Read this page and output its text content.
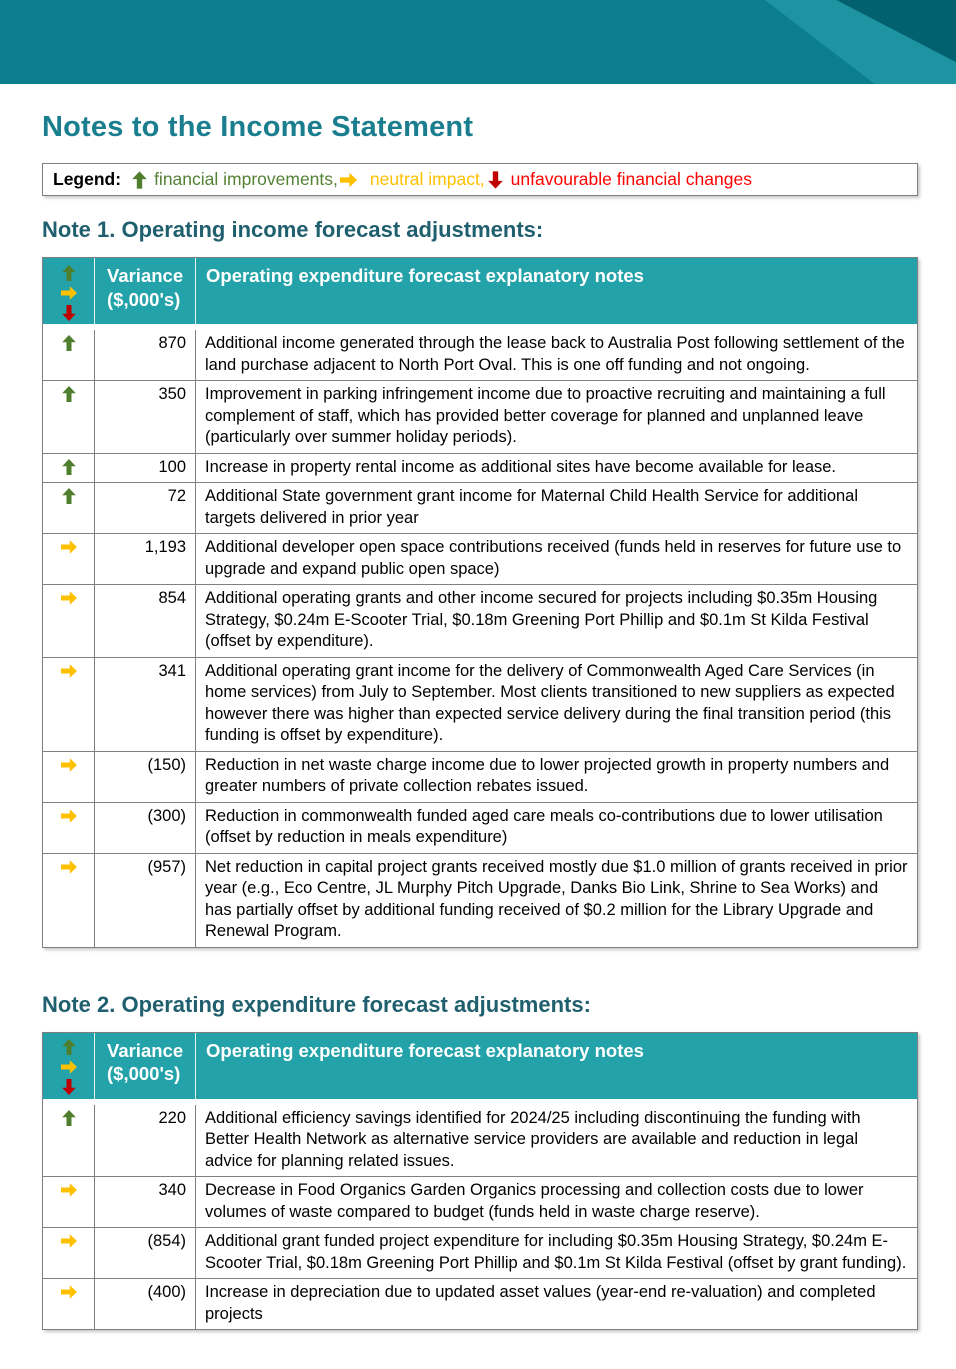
Notes to the Income Statement
Legend: financial improvements, neutral impact, unfavourable financial changes
Note 1. Operating income forecast adjustments:

Variance
($,000's)	Operating expenditure forecast explanatory notes

	870	Additional income generated through the lease back to Australia Post following settlement of the land purchase adjacent to North Port Oval. This is one off funding and not ongoing.

	350	Improvement in parking infringement income due to proactive recruiting and maintaining a full complement of staff, which has provided better coverage for planned and unplanned leave (particularly over summer holiday periods).

	100	Increase in property rental income as additional sites have become available for lease.

	72	Additional State government grant income for Maternal Child Health Service for additional targets delivered in prior year

	1,193	Additional developer open space contributions received (funds held in reserves for future use to upgrade and expand public open space)

	854	Additional operating grants and other income secured for projects including $0.35m Housing Strategy, $0.24m E-Scooter Trial, $0.18m Greening Port Phillip and $0.1m St Kilda Festival (offset by expenditure).

	341	Additional operating grant income for the delivery of Commonwealth Aged Care Services (in home services) from July to September. Most clients transitioned to new suppliers as expected however there was higher than expected service delivery during the final transition period (this funding is offset by expenditure).

	(150)	Reduction in net waste charge income due to lower projected growth in property numbers and greater numbers of private collection rebates issued.

	(300)	Reduction in commonwealth funded aged care meals co-contributions due to lower utilisation (offset by reduction in meals expenditure)

	(957)	Net reduction in capital project grants received mostly due $1.0 million of grants received in prior year (e.g., Eco Centre, JL Murphy Pitch Upgrade, Danks Bio Link, Shrine to Sea Works) and has partially offset by additional funding received of $0.2 million for the Library Upgrade and Renewal Program.
Note 2. Operating expenditure forecast adjustments:

Variance
($,000's)	Operating expenditure forecast explanatory notes

	220	Additional efficiency savings identified for 2024/25 including discontinuing the funding with Better Health Network as alternative service providers are available and reduction in legal advice for planning related issues.

	340	Decrease in Food Organics Garden Organics processing and collection costs due to lower volumes of waste compared to budget (funds held in waste charge reserve).

	(854)	Additional grant funded project expenditure for including $0.35m Housing Strategy, $0.24m E-Scooter Trial, $0.18m Greening Port Phillip and $0.1m St Kilda Festival (offset by grant funding).

	(400)	Increase in depreciation due to updated asset values (year-end re-valuation) and completed projects
